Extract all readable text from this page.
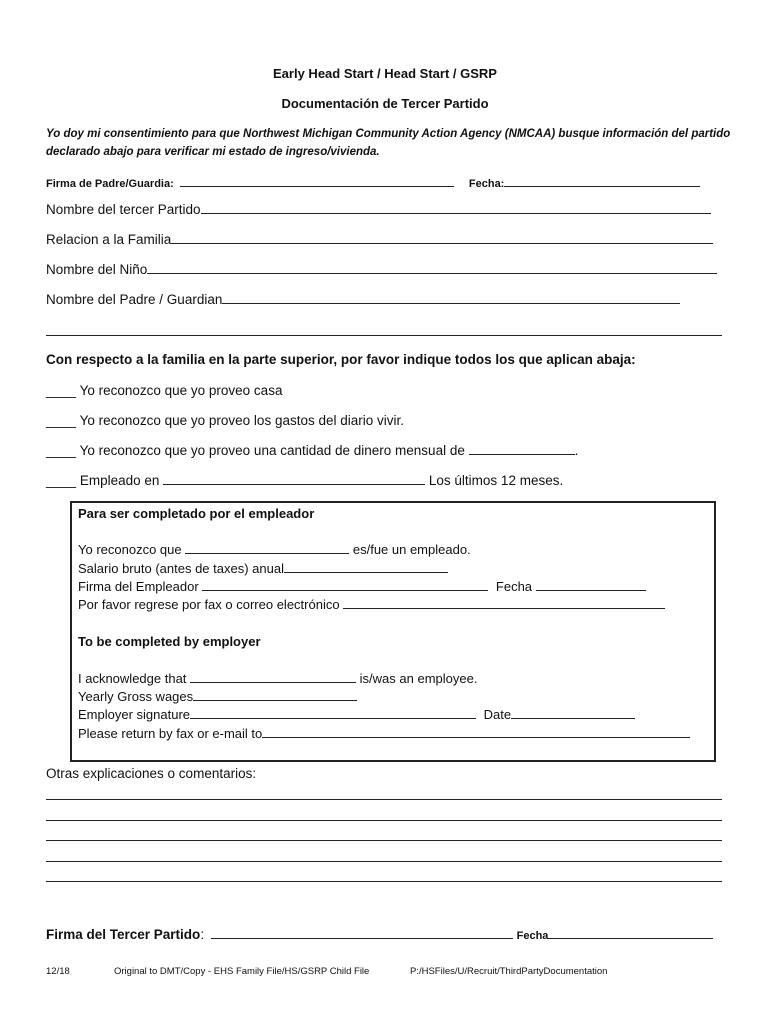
Early Head Start / Head Start / GSRP
Documentación de Tercer Partido
Yo doy mi consentimiento para que Northwest Michigan Community Action Agency (NMCAA) busque información del partido declarado abajo para verificar mi estado de ingreso/vivienda.
Firma de Padre/Guardia:	Fecha:
Nombre del tercer Partido
Relacion a la Familia
Nombre del Niño
Nombre del Padre / Guardian
Con respecto a la familia en la parte superior, por favor indique todos los que aplican abaja:
____ Yo reconozco que yo proveo casa
____ Yo reconozco que yo proveo los gastos del diario vivir.
____ Yo reconozco que yo proveo una cantidad de dinero mensual de	.
____ Empleado en	Los últimos 12 meses.
Para ser completado por el empleador
Yo reconozco que	es/fue un empleado.
Salario bruto (antes de taxes) anual
Firma del Empleador	Fecha
Por favor regrese por fax o correo electrónico
To be completed by employer
I acknowledge that	is/was an employee.
Yearly Gross wages
Employer signature	Date
Please return by fax or e-mail to
Otras explicaciones o comentarios:
Firma del Tercer Partido:	Fecha
12/18	Original to DMT/Copy - EHS Family File/HS/GSRP Child File	P:/HSFiles/U/Recruit/ThirdPartyDocumentation
